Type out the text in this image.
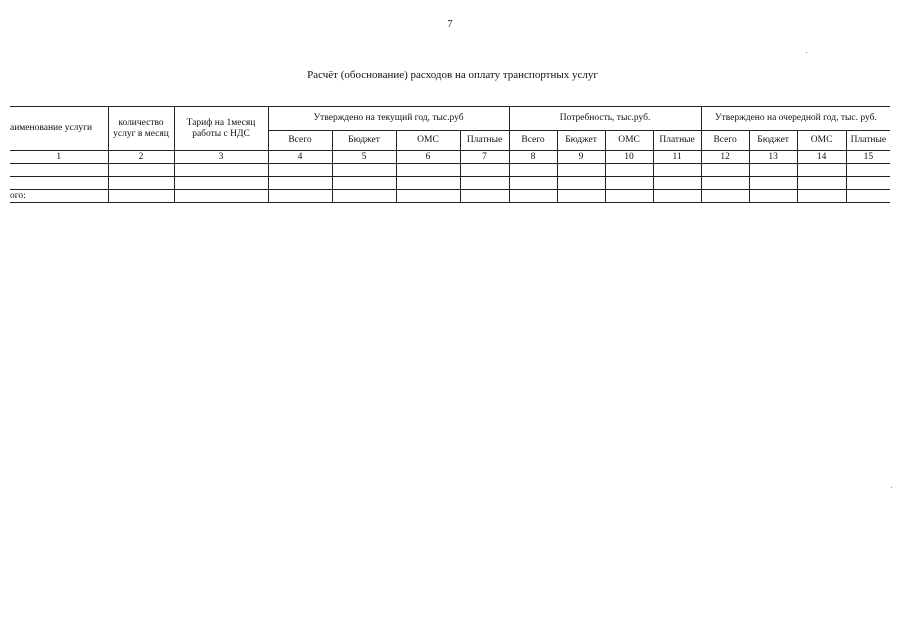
7
Расчёт (обоснование) расходов на оплату транспортных услуг
аименование услуги	количество услуг в месяц	Тариф на 1месяц работы с НДС	Утверждено на текущий год, тыс.руб				Потребность, тыс.руб.				Утверждено на очередной год, тыс. руб.			
			Всего	Бюджет	ОМС	Платные	Всего	Бюджет	ОМС	Платные	Всего	Бюджет	ОМС	Платные
1	2	3	4	5	6	7	8	9	10	11	12	13	14	15

ого:														
